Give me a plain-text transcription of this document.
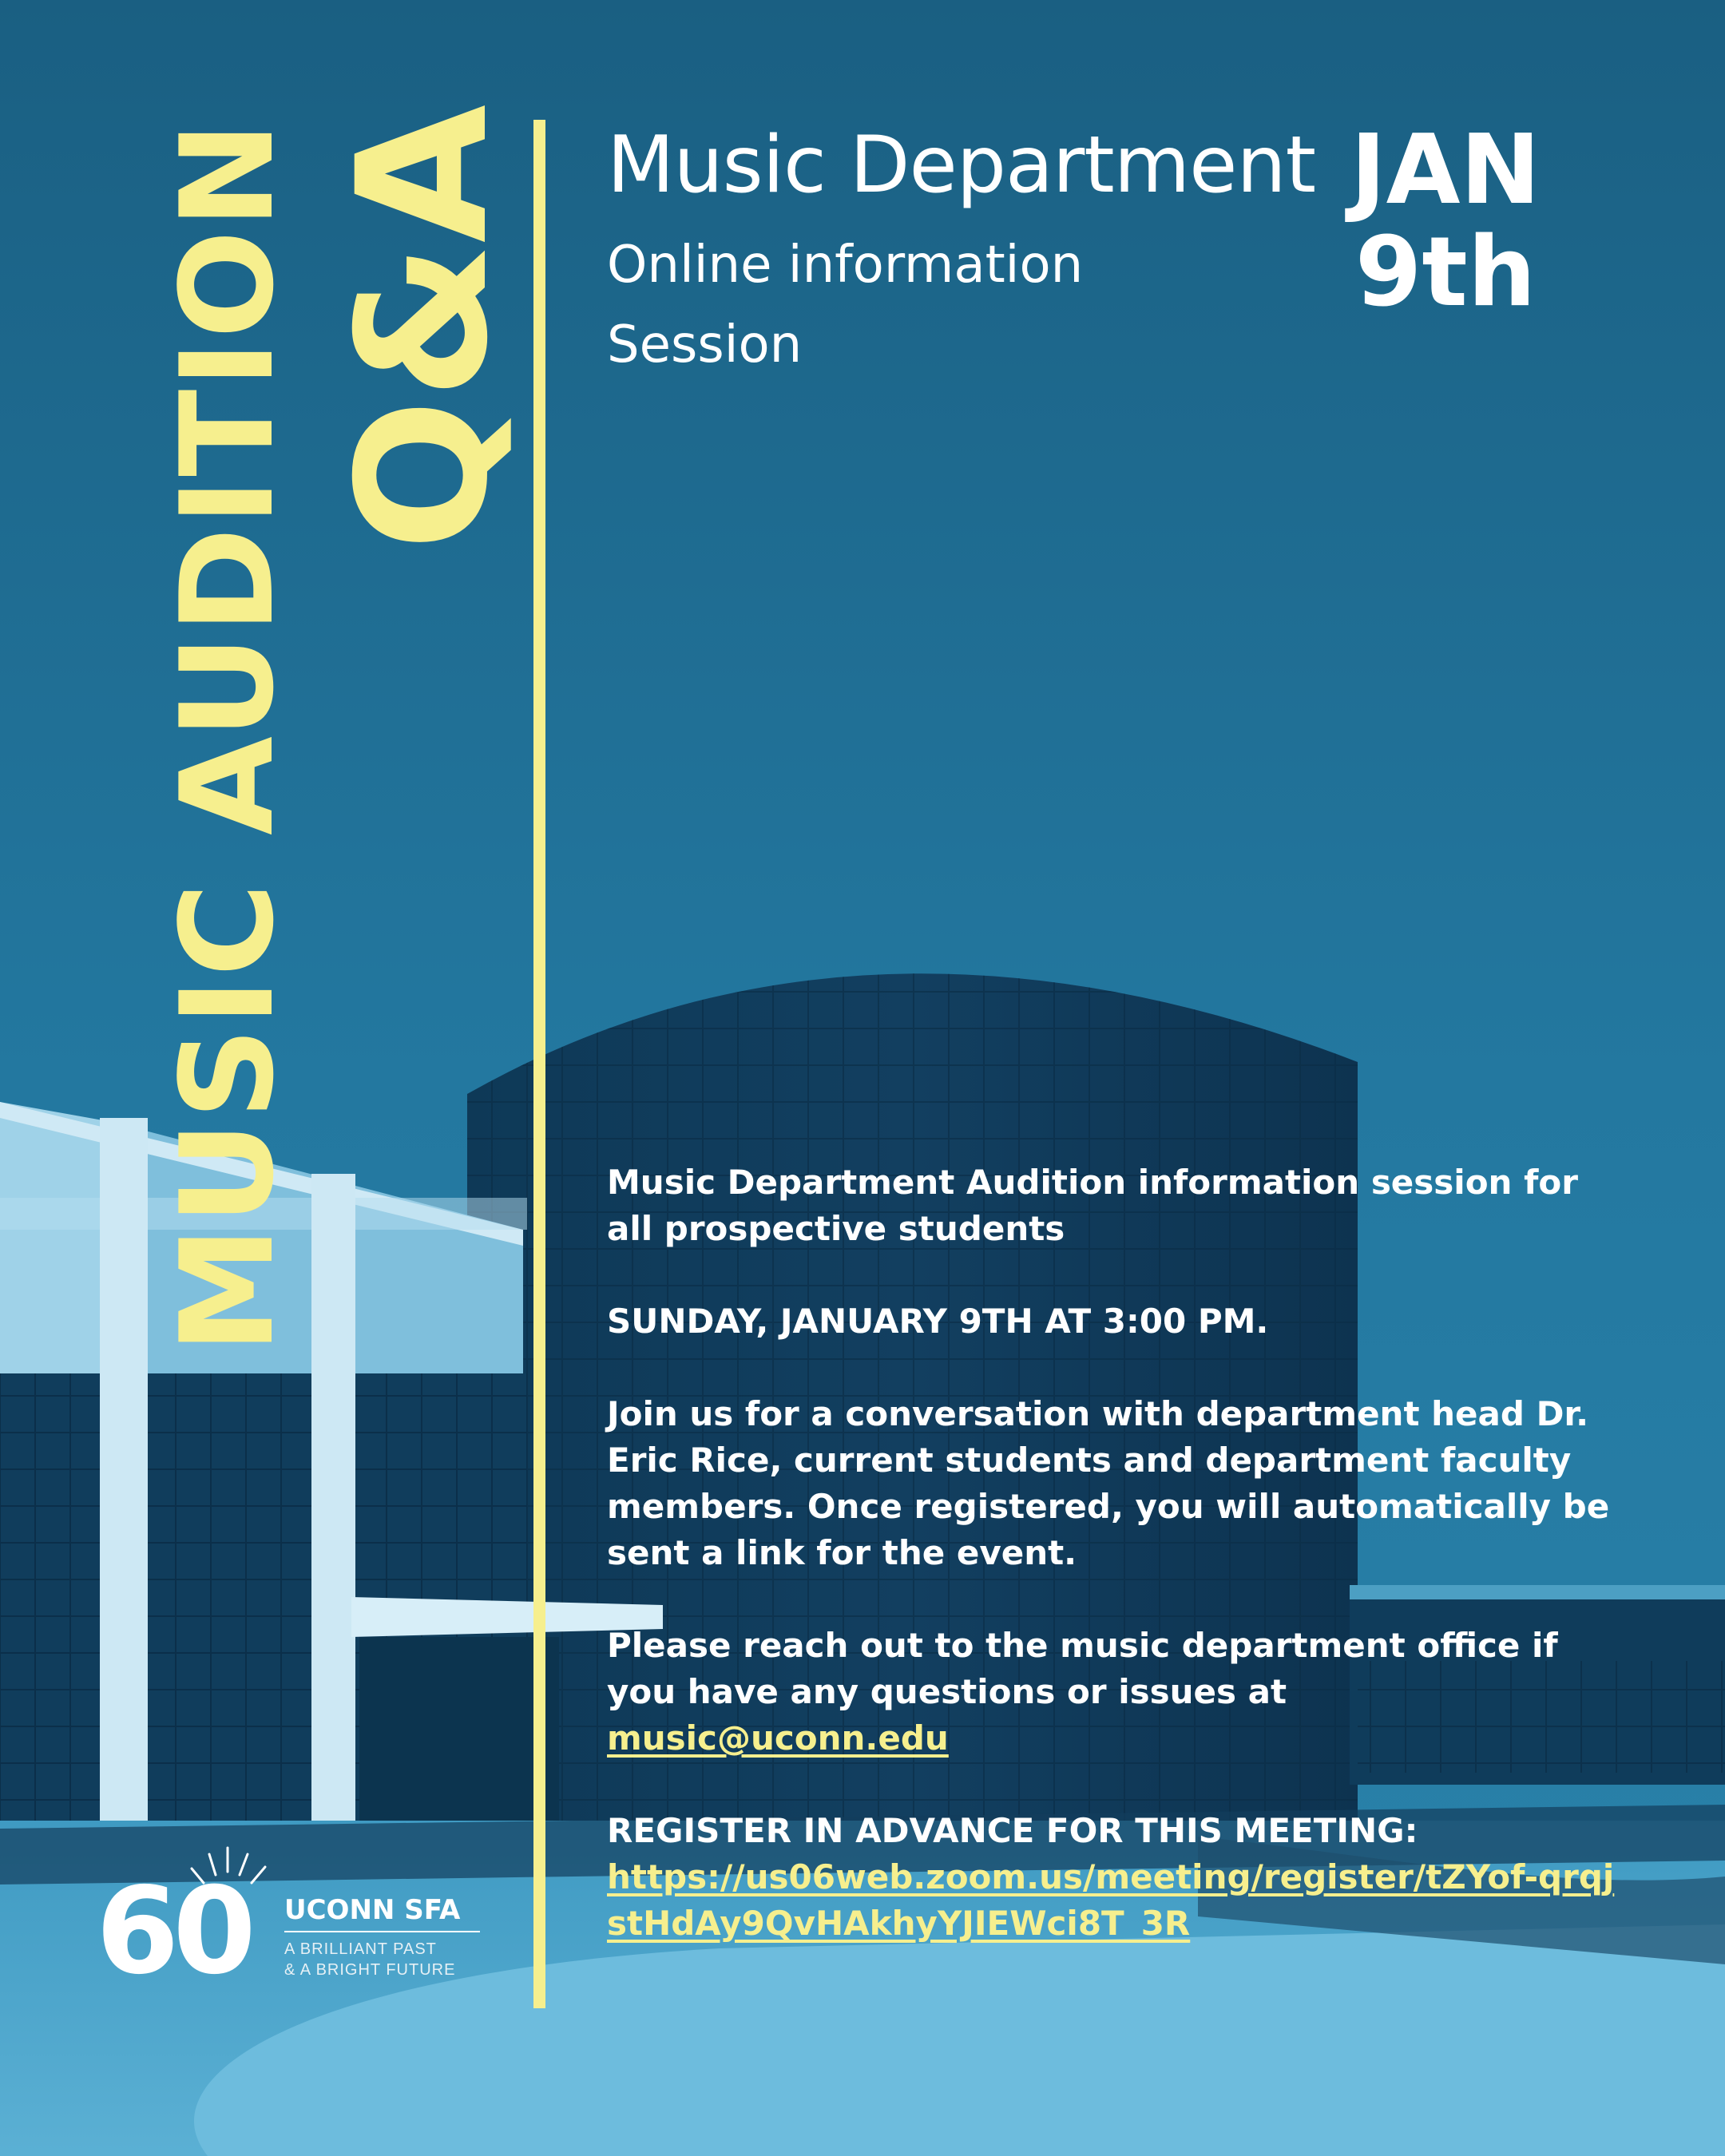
MUSIC AUDITION Q&A Music Department
Online information
Session
JAN
9th

Music Department Audition information session for all prospective students

SUNDAY, JANUARY 9TH AT 3:00 PM.

Join us for a conversation with department head Dr. Eric Rice, current students and department faculty members. Once registered, you will automatically be sent a link for the event.

Please reach out to the music department office if you have any questions or issues at
music@uconn.edu

REGISTER IN ADVANCE FOR THIS MEETING:

https://us06web.zoom.us/meeting/register/tZYof-qrqjstHdAy9QvHAkhyYJIEWci8T_3R
60 UCONN SFA
A BRILLIANT PAST
& A BRIGHT FUTURE
